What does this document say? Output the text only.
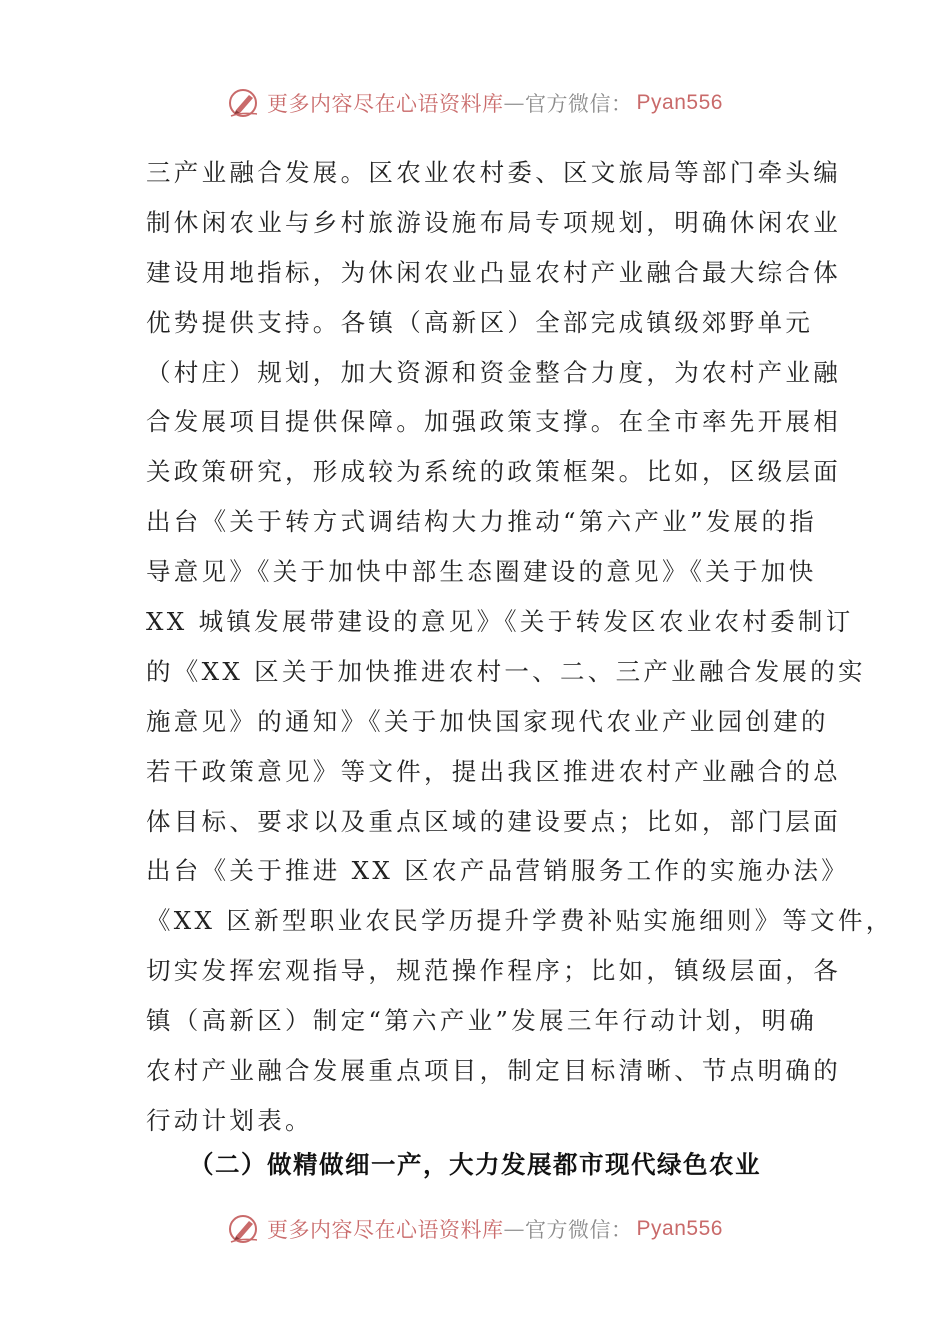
更多内容尽在心语资料库 — 官方微信： Pyan556
三产业融合发展。区农业农村委、区文旅局等部门牵头编
制休闲农业与乡村旅游设施布局专项规划，明确休闲农业
建设用地指标，为休闲农业凸显农村产业融合最大综合体
优势提供支持。各镇（高新区）全部完成镇级郊野单元
（村庄）规划，加大资源和资金整合力度，为农村产业融
合发展项目提供保障。加强政策支撑。在全市率先开展相
关政策研究，形成较为系统的政策框架。比如，区级层面
出台《关于转方式调结构大力推动“第六产业”发展的指
导意见》《关于加快中部生态圈建设的意见》《关于加快
XX 城镇发展带建设的意见》《关于转发区农业农村委制订
的《XX 区关于加快推进农村一、二、三产业融合发展的实
施意见》的通知》《关于加快国家现代农业产业园创建的
若干政策意见》等文件，提出我区推进农村产业融合的总
体目标、要求以及重点区域的建设要点；比如，部门层面
出台《关于推进 XX 区农产品营销服务工作的实施办法》
《XX 区新型职业农民学历提升学费补贴实施细则》等文件，
切实发挥宏观指导，规范操作程序；比如，镇级层面，各
镇（高新区）制定“第六产业”发展三年行动计划，明确
农村产业融合发展重点项目，制定目标清晰、节点明确的
行动计划表。
（二）做精做细一产，大力发展都市现代绿色农业
更多内容尽在心语资料库 — 官方微信： Pyan556
